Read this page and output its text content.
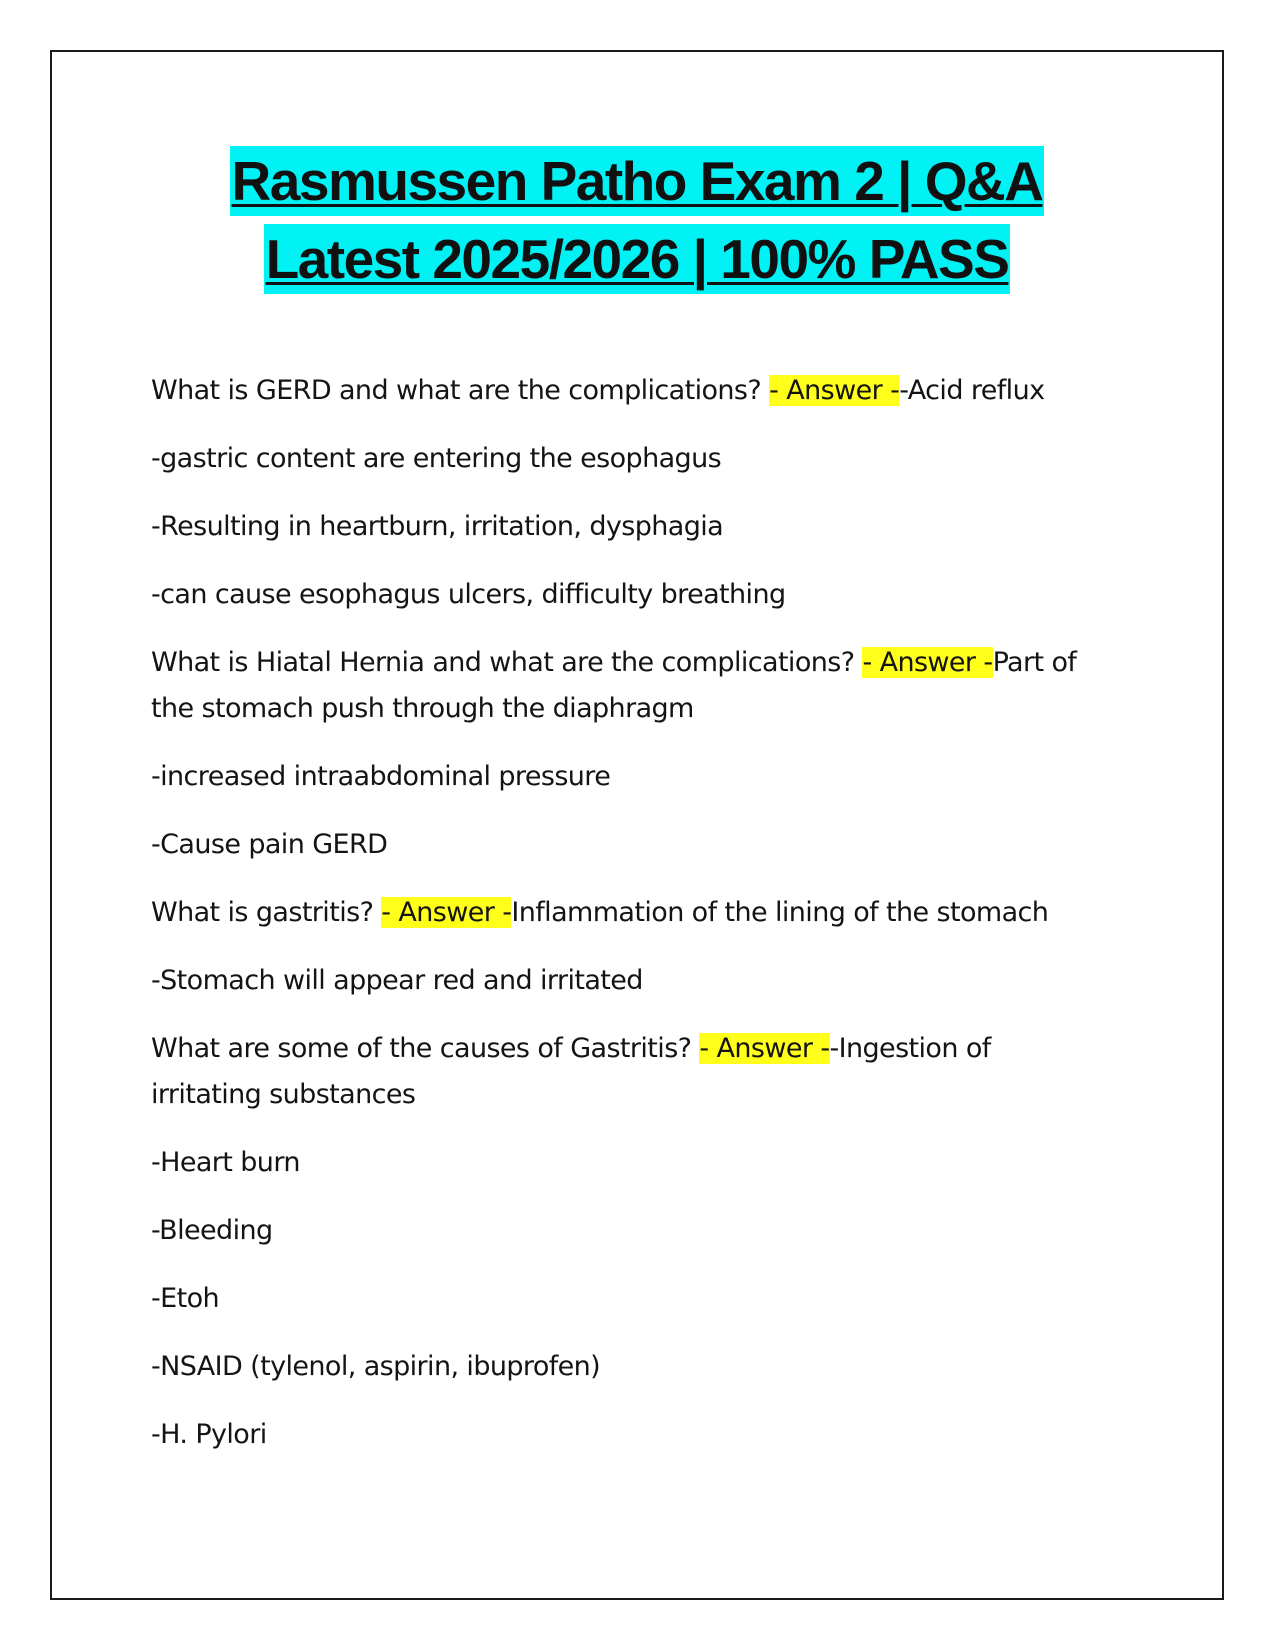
Rasmussen Patho Exam 2 | Q&A
Latest 2025/2026 | 100% PASS
What is GERD and what are the complications? - Answer --Acid reflux
-gastric content are entering the esophagus
-Resulting in heartburn, irritation, dysphagia
-can cause esophagus ulcers, difficulty breathing
What is Hiatal Hernia and what are the complications? - Answer -Part of
the stomach push through the diaphragm
-increased intraabdominal pressure
-Cause pain GERD
What is gastritis? - Answer -Inflammation of the lining of the stomach
-Stomach will appear red and irritated
What are some of the causes of Gastritis? - Answer --Ingestion of
irritating substances
-Heart burn
-Bleeding
-Etoh
-NSAID (tylenol, aspirin, ibuprofen)
-H. Pylori
